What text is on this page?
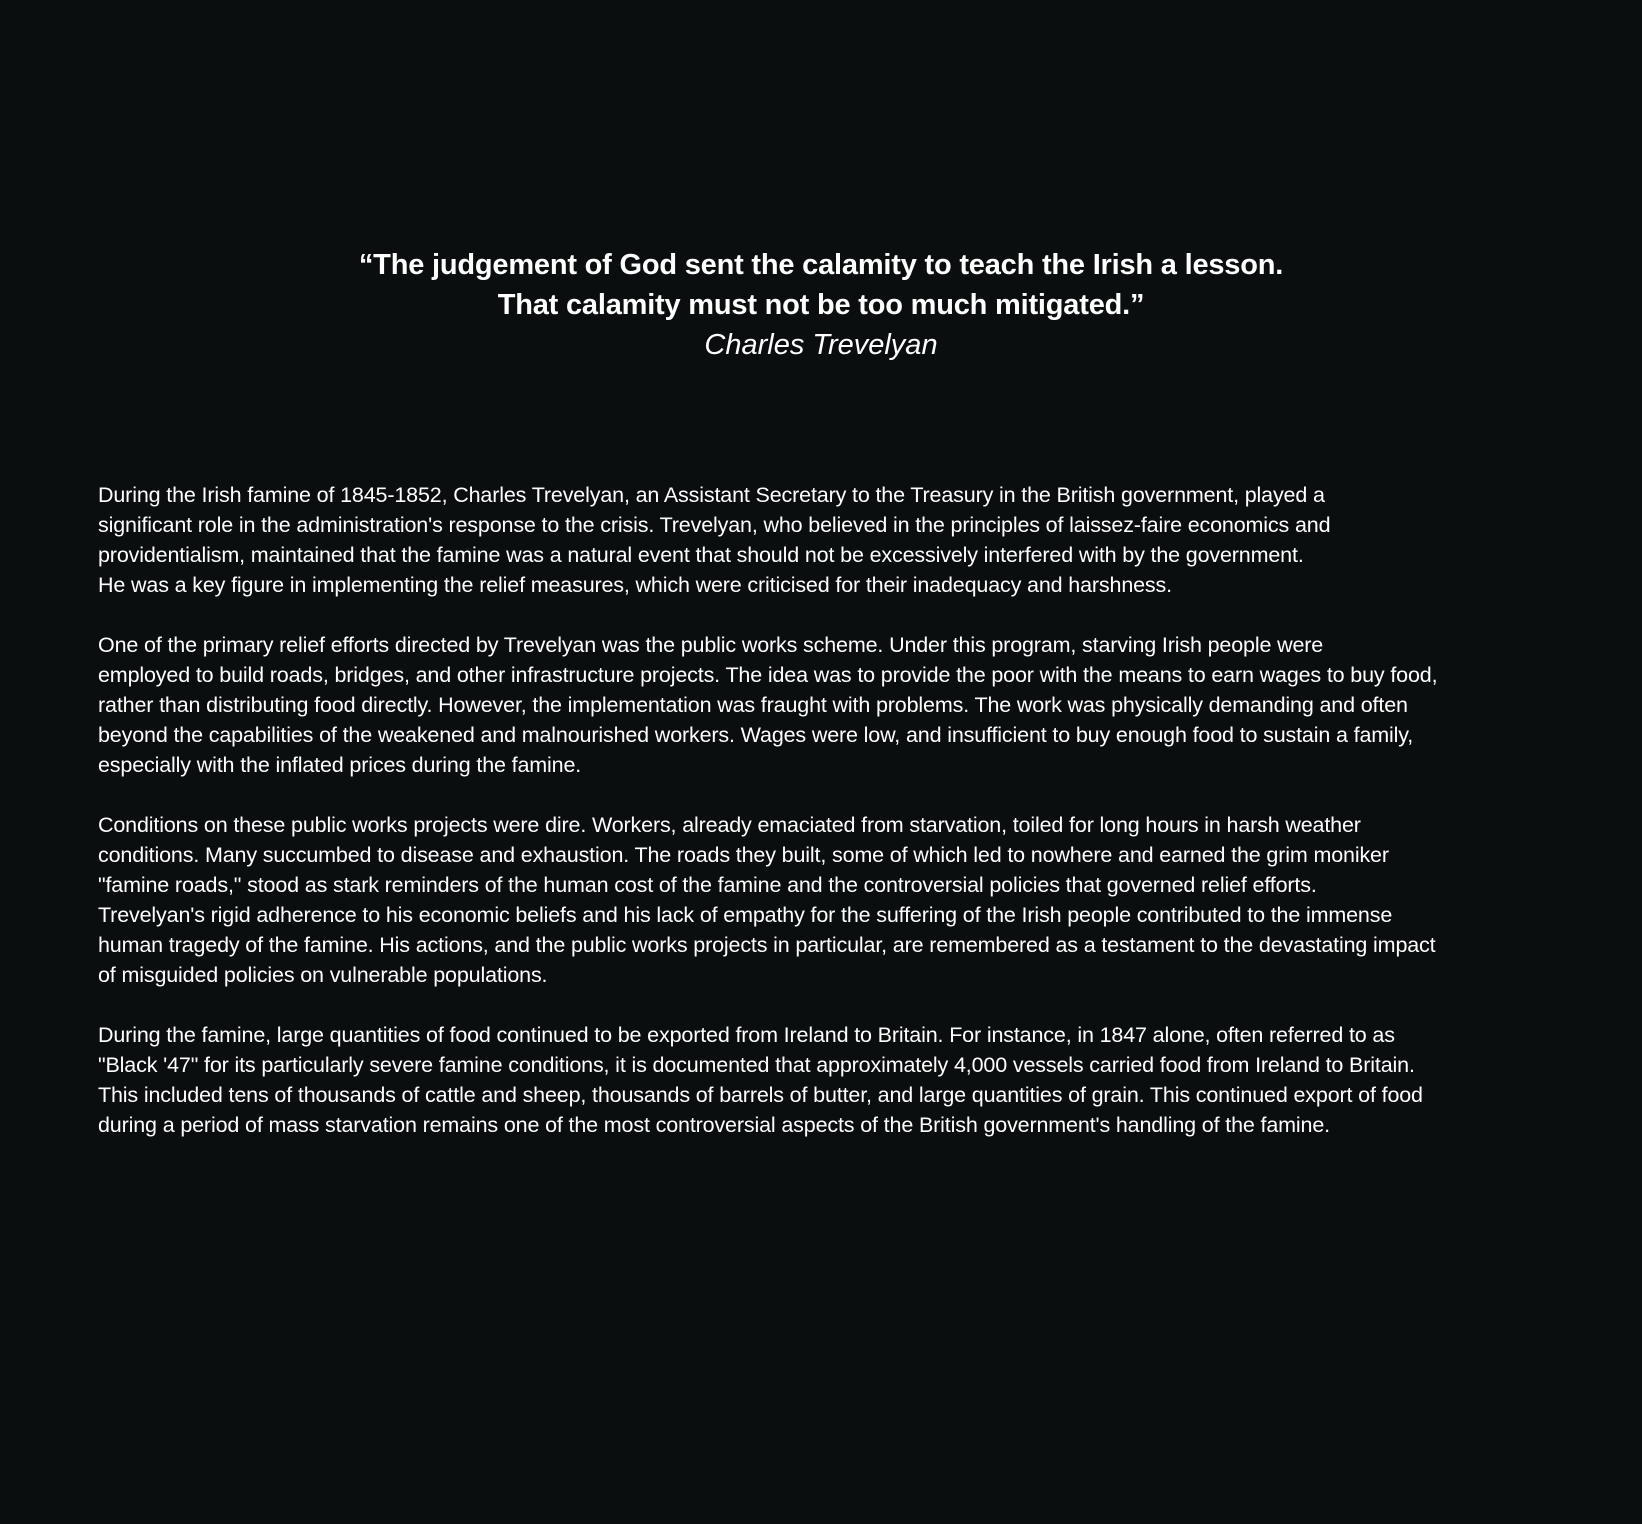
“The judgement of God sent the calamity to teach the Irish a lesson.
That calamity must not be too much mitigated.”
Charles Trevelyan
During the Irish famine of 1845-1852, Charles Trevelyan, an Assistant Secretary to the Treasury in the British government, played a
significant role in the administration's response to the crisis. Trevelyan, who believed in the principles of laissez-faire economics and
providentialism, maintained that the famine was a natural event that should not be excessively interfered with by the government.
He was a key figure in implementing the relief measures, which were criticised for their inadequacy and harshness.
One of the primary relief efforts directed by Trevelyan was the public works scheme. Under this program, starving Irish people were
employed to build roads, bridges, and other infrastructure projects. The idea was to provide the poor with the means to earn wages to buy food,
rather than distributing food directly. However, the implementation was fraught with problems. The work was physically demanding and often
beyond the capabilities of the weakened and malnourished workers. Wages were low, and insufficient to buy enough food to sustain a family,
especially with the inflated prices during the famine.
Conditions on these public works projects were dire. Workers, already emaciated from starvation, toiled for long hours in harsh weather
conditions. Many succumbed to disease and exhaustion. The roads they built, some of which led to nowhere and earned the grim moniker
"famine roads," stood as stark reminders of the human cost of the famine and the controversial policies that governed relief efforts.
Trevelyan's rigid adherence to his economic beliefs and his lack of empathy for the suffering of the Irish people contributed to the immense
human tragedy of the famine. His actions, and the public works projects in particular, are remembered as a testament to the devastating impact
of misguided policies on vulnerable populations.
During the famine, large quantities of food continued to be exported from Ireland to Britain. For instance, in 1847 alone, often referred to as
"Black '47" for its particularly severe famine conditions, it is documented that approximately 4,000 vessels carried food from Ireland to Britain.
This included tens of thousands of cattle and sheep, thousands of barrels of butter, and large quantities of grain. This continued export of food
during a period of mass starvation remains one of the most controversial aspects of the British government's handling of the famine.
